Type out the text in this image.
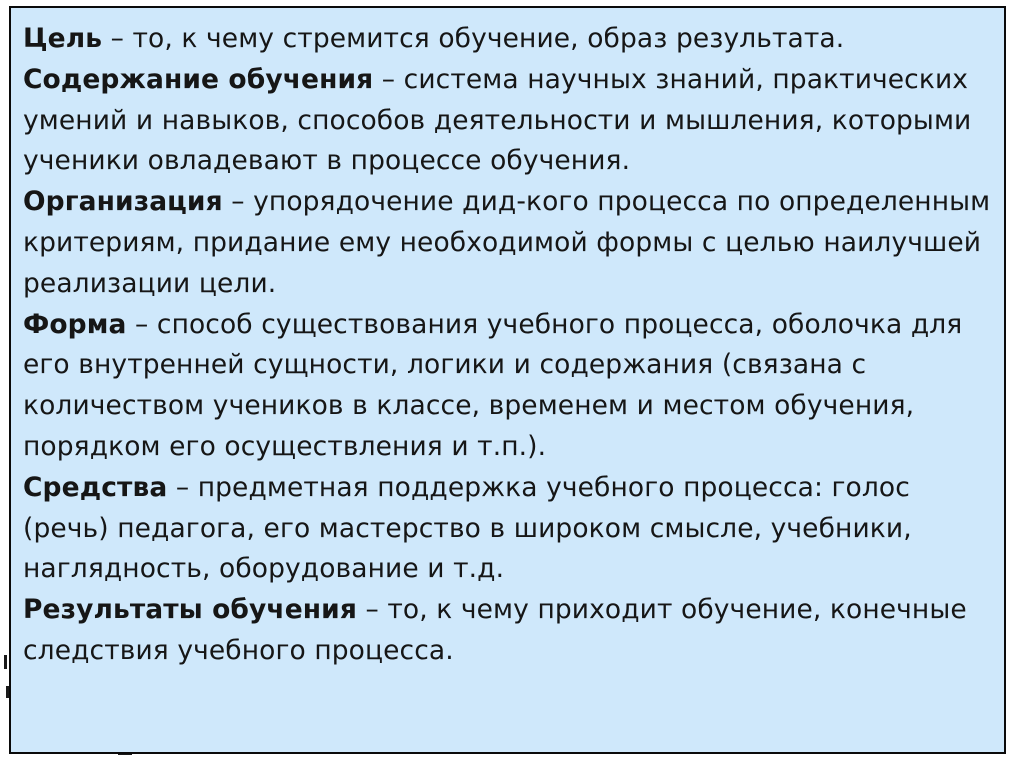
Цель – то, к чему стремится обучение, образ результата.

Содержание обучения – система научных знаний, практических умений и навыков, способов деятельности и мышления, которыми ученики овладевают в процессе обучения.

Организация – упорядочение дид-кого процесса по определенным критериям, придание ему необходимой формы с целью наилучшей реализации цели.

Форма – способ существования учебного процесса, оболочка для его внутренней сущности, логики и содержания (связана с количеством учеников в классе, временем и местом обучения, порядком его осуществления и т.п.).

Средства – предметная поддержка учебного процесса: голос (речь) педагога, его мастерство в широком смысле, учебники, наглядность, оборудование и т.д.

Результаты обучения – то, к чему приходит обучение, конечные следствия учебного процесса.
